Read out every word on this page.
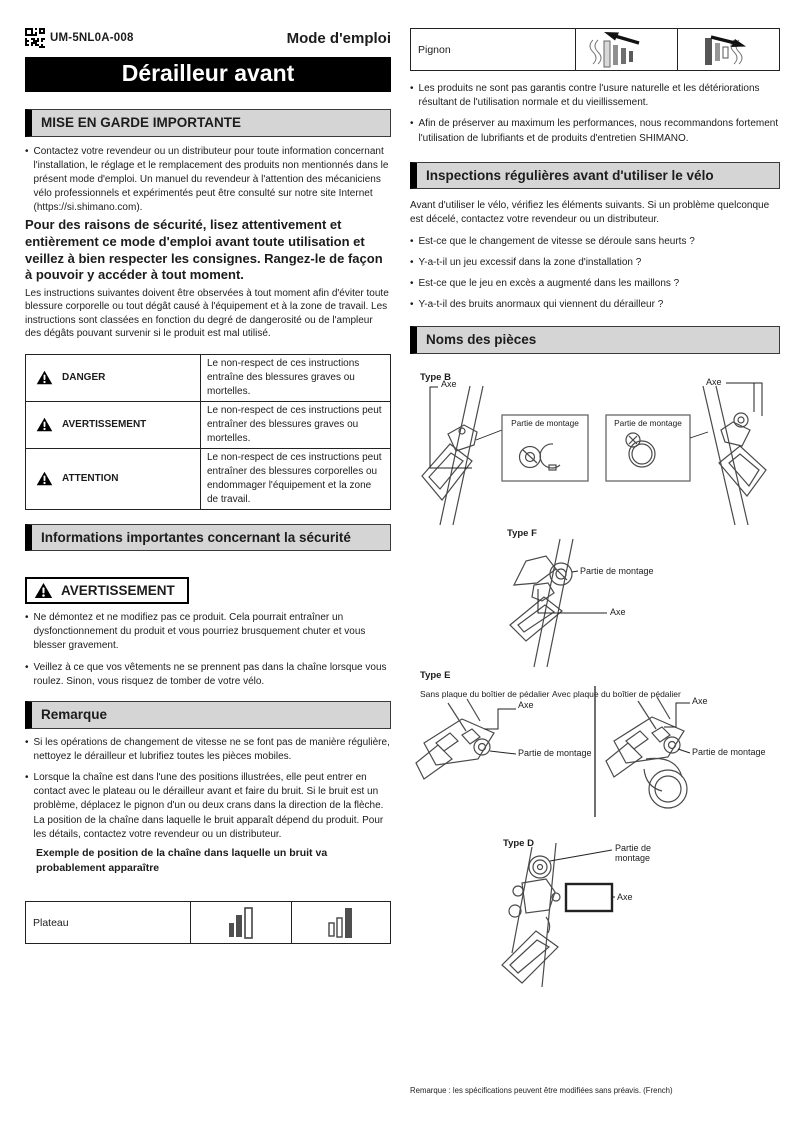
UM-5NL0A-008	Mode d'emploi
Dérailleur avant
MISE EN GARDE IMPORTANTE
• Contactez votre revendeur ou un distributeur pour toute information concernant l'installation, le réglage et le remplacement des produits non mentionnés dans le présent mode d'emploi. Un manuel du revendeur à l'attention des mécaniciens vélo professionnels et expérimentés peut être consulté sur notre site Internet (https://si.shimano.com).
Pour des raisons de sécurité, lisez attentivement et entièrement ce mode d'emploi avant toute utilisation et veillez à bien respecter les consignes. Rangez-le de façon à pouvoir y accéder à tout moment.
Les instructions suivantes doivent être observées à tout moment afin d'éviter toute blessure corporelle ou tout dégât causé à l'équipement et à la zone de travail. Les instructions sont classées en fonction du degré de dangerosité ou de l'ampleur des dégâts pouvant survenir si le produit est mal utilisé.
DANGER	Le non-respect de ces instructions entraîne des blessures graves ou mortelles.

AVERTISSEMENT	Le non-respect de ces instructions peut entraîner des blessures graves ou mortelles.

ATTENTION	Le non-respect de ces instructions peut entraîner des blessures corporelles ou endommager l'équipement et la zone de travail.
Informations importantes concernant la sécurité
AVERTISSEMENT
• Ne démontez et ne modifiez pas ce produit. Cela pourrait entraîner un dysfonctionnement du produit et vous pourriez brusquement chuter et vous blesser gravement.
• Veillez à ce que vos vêtements ne se prennent pas dans la chaîne lorsque vous roulez. Sinon, vous risquez de tomber de votre vélo.
Remarque
• Si les opérations de changement de vitesse ne se font pas de manière régulière, nettoyez le dérailleur et lubrifiez toutes les pièces mobiles.
• Lorsque la chaîne est dans l'une des positions illustrées, elle peut entrer en contact avec le plateau ou le dérailleur avant et faire du bruit. Si le bruit est un problème, déplacez le pignon d'un ou deux crans dans la direction de la flèche. La position de la chaîne dans laquelle le bruit apparaît dépend du produit. Pour les détails, contactez votre revendeur ou un distributeur.
Exemple de position de la chaîne dans laquelle un bruit va probablement apparaître
Plateau
Pignon
• Les produits ne sont pas garantis contre l'usure naturelle et les détériorations résultant de l'utilisation normale et du vieillissement.
• Afin de préserver au maximum les performances, nous recommandons fortement l'utilisation de lubrifiants et de produits d'entretien SHIMANO.
Inspections régulières avant d'utiliser le vélo
Avant d'utiliser le vélo, vérifiez les éléments suivants. Si un problème quelconque est décelé, contactez votre revendeur ou un distributeur.
• Est-ce que le changement de vitesse se déroule sans heurts ?
• Y-a-t-il un jeu excessif dans la zone d'installation ?
• Est-ce que le jeu en excès a augmenté dans les maillons ?
• Y-a-t-il des bruits anormaux qui viennent du dérailleur ?
Noms des pièces
Type B
Axe	Axe
Partie de montage	Partie de montage
Type F
Partie de montage
Axe
Type E
Sans plaque du boîtier de pédalier Avec plaque du boîtier de pédalier
Axe
Partie de montage
Axe
Partie de montage
Type D	Partie de
montage
Axe
Remarque : les spécifications peuvent être modifiées sans préavis. (French)
